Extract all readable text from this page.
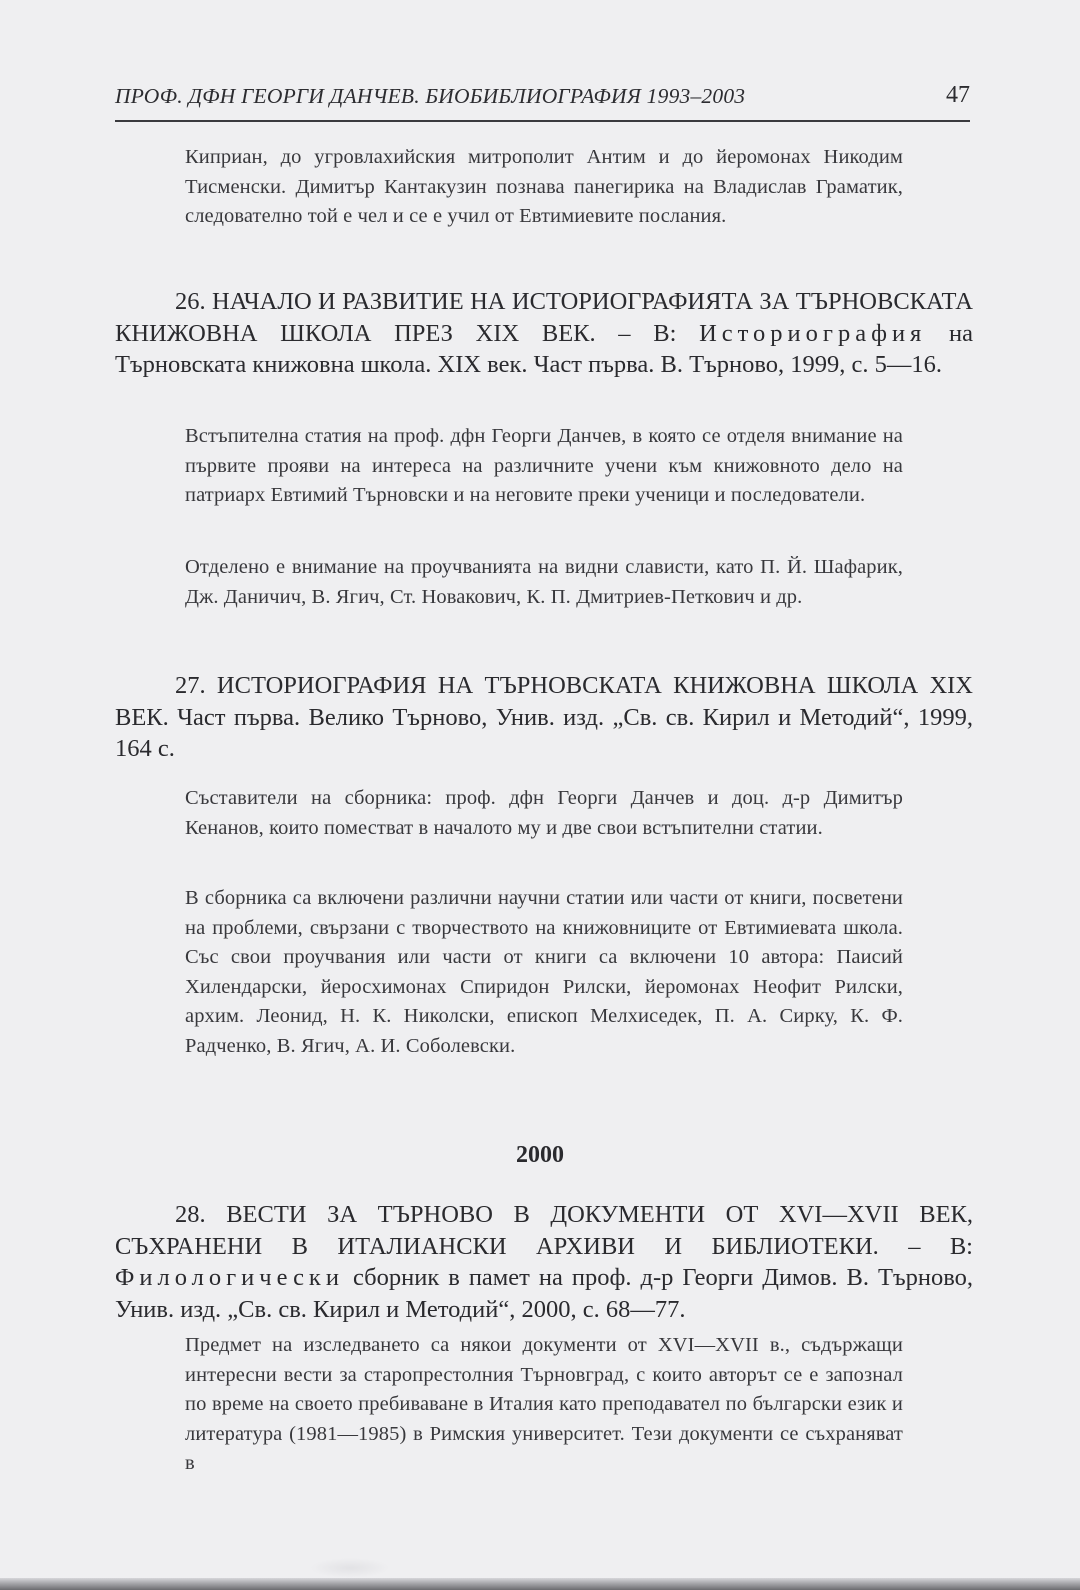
ПРОФ. ДФН ГЕОРГИ ДАНЧЕВ. БИОБИБЛИОГРАФИЯ 1993–2003	47
Киприан, до угровлахийския митрополит Антим и до йеромонах Никодим Тисменски. Димитър Кантакузин познава панегирика на Владислав Граматик, следователно той е чел и се е учил от Евтимиевите послания.
26. НАЧАЛО И РАЗВИТИЕ НА ИСТОРИОГРАФИЯТА ЗА ТЪРНОВСКАТА КНИЖОВНА ШКОЛА ПРЕЗ XIX ВЕК. – В: Историография на Търновската книжовна школа. XIX век. Част първа. В. Търново, 1999, с. 5—16.
Встъпителна статия на проф. дфн Георги Данчев, в която се отделя внимание на първите прояви на интереса на различните учени към книжовното дело на патриарх Евтимий Търновски и на неговите преки ученици и последователи.
Отделено е внимание на проучванията на видни слависти, като П. Й. Шафарик, Дж. Даничич, В. Ягич, Ст. Новакович, К. П. Дмитриев-Петкович и др.
27. ИСТОРИОГРАФИЯ НА ТЪРНОВСКАТА КНИЖОВНА ШКОЛА XIX ВЕК. Част първа. Велико Търново, Унив. изд. „Св. св. Кирил и Методий“, 1999, 164 с.
Съставители на сборника: проф. дфн Георги Данчев и доц. д-р Димитър Кенанов, които поместват в началото му и две свои встъпителни статии.
В сборника са включени различни научни статии или части от книги, посветени на проблеми, свързани с творчеството на книжовниците от Евтимиевата школа. Със свои проучвания или части от книги са включени 10 автора: Паисий Хилендарски, йеросхимонах Спиридон Рилски, йеромонах Неофит Рилски, архим. Леонид, Н. К. Николски, епископ Мелхиседек, П. А. Сирку, К. Ф. Радченко, В. Ягич, А. И. Соболевски.
2000
28. ВЕСТИ ЗА ТЪРНОВО В ДОКУМЕНТИ ОТ XVI—XVII ВЕК, СЪХРАНЕНИ В ИТАЛИАНСКИ АРХИВИ И БИБЛИОТЕКИ. – В: Филологически сборник в памет на проф. д-р Георги Димов. В. Търново, Унив. изд. „Св. св. Кирил и Методий“, 2000, с. 68—77.
Предмет на изследването са някои документи от XVI—XVII в., съдържащи интересни вести за старопрестолния Търновград, с които авторът се е запознал по време на своето пребиваване в Италия като преподавател по български език и литература (1981—1985) в Римския университет. Тези документи се съхраняват в
